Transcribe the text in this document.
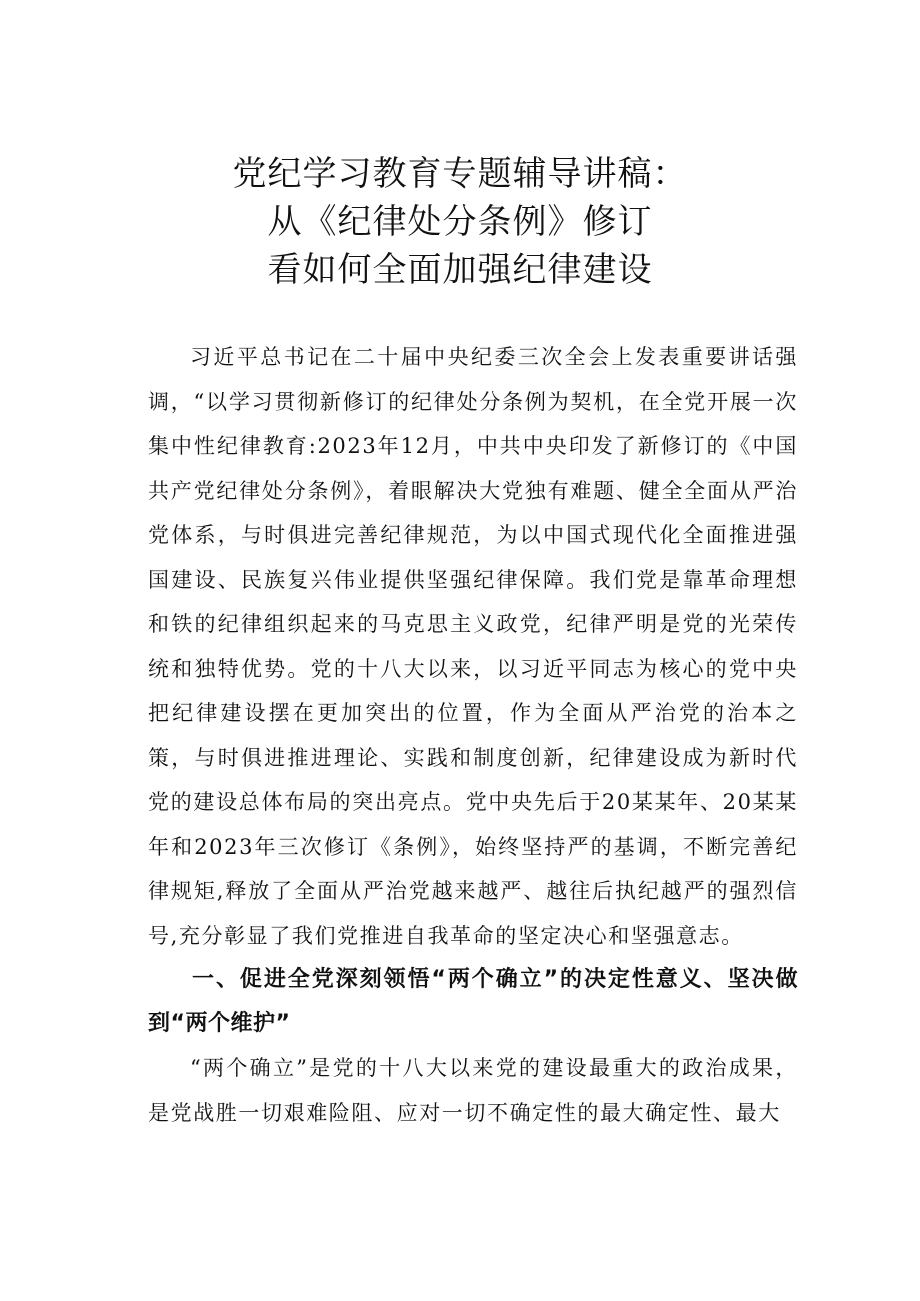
党纪学习教育专题辅导讲稿：
从《纪律处分条例》修订
看如何全面加强纪律建设

习近平总书记在二十届中央纪委三次全会上发表重要讲话强调，“以学习贯彻新修订的纪律处分条例为契机，在全党开展一次集中性纪律教育:2023年12月，中共中央印发了新修订的《中国共产党纪律处分条例》，着眼解决大党独有难题、健全全面从严治党体系，与时俱进完善纪律规范，为以中国式现代化全面推进强国建设、民族复兴伟业提供坚强纪律保障。我们党是靠革命理想和铁的纪律组织起来的马克思主义政党，纪律严明是党的光荣传统和独特优势。党的十八大以来，以习近平同志为核心的党中央把纪律建设摆在更加突出的位置，作为全面从严治党的治本之策，与时俱进推进理论、实践和制度创新，纪律建设成为新时代党的建设总体布局的突出亮点。党中央先后于20某某年、20某某年和2023年三次修订《条例》，始终坚持严的基调，不断完善纪律规矩,释放了全面从严治党越来越严、越往后执纪越严的强烈信号,充分彰显了我们党推进自我革命的坚定决心和坚强意志。

一、促进全党深刻领悟“两个确立”的决定性意义、坚决做到“两个维护”

“两个确立”是党的十八大以来党的建设最重大的政治成果，是党战胜一切艰难险阻、应对一切不确定性的最大确定性、最大
